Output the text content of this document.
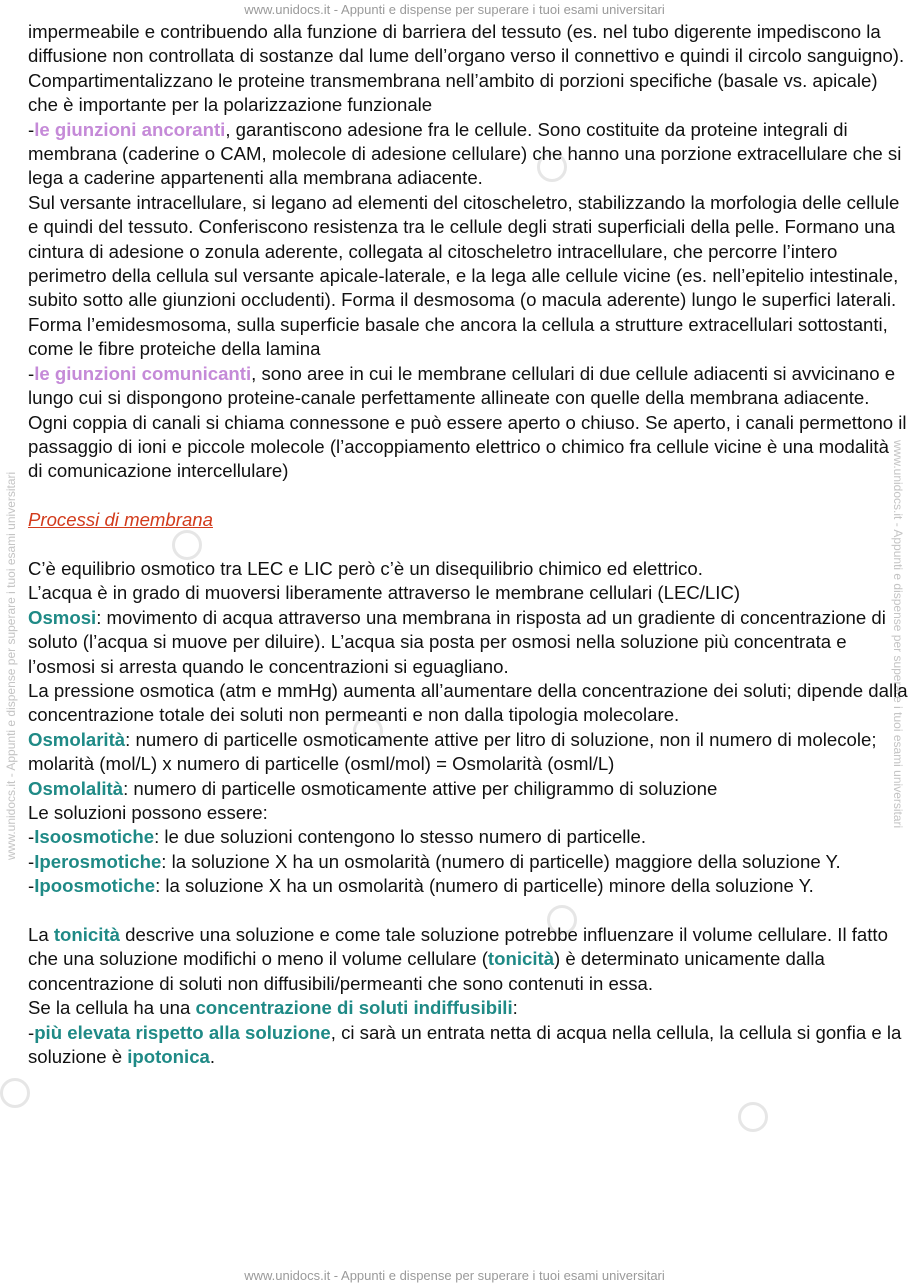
www.unidocs.it - Appunti e dispense per superare i tuoi esami universitari
www.unidocs.it - Appunti e dispense per superare i tuoi esami universitari
www.unidocs.it - Appunti e dispense per superare i tuoi esami universitari	www.unidocs.it - Appunti e dispense per superare i tuoi esami universitari

impermeabile e contribuendo alla funzione di barriera del tessuto (es. nel tubo digerente impediscono la diffusione non controllata di sostanze dal lume dell’organo verso il connettivo e quindi il circolo sanguigno). Compartimentalizzano le proteine transmembrana nell’ambito di porzioni specifiche (basale vs. apicale) che è importante per la polarizzazione funzionale

-le giunzioni ancoranti, garantiscono adesione fra le cellule. Sono costituite da proteine integrali di membrana (caderine o CAM, molecole di adesione cellulare) che hanno una porzione extracellulare che si lega a caderine appartenenti alla membrana adiacente.

Sul versante intracellulare, si legano ad elementi del citoscheletro, stabilizzando la morfologia delle cellule e quindi del tessuto. Conferiscono resistenza tra le cellule degli strati superficiali della pelle. Formano una cintura di adesione o zonula aderente, collegata al citoscheletro intracellulare, che percorre l’intero perimetro della cellula sul versante apicale-laterale, e la lega alle cellule vicine (es. nell’epitelio intestinale, subito sotto alle giunzioni occludenti). Forma il desmosoma (o macula aderente) lungo le superfici laterali.

Forma l’emidesmosoma, sulla superficie basale che ancora la cellula a strutture extracellulari sottostanti, come le fibre proteiche della lamina

-le giunzioni comunicanti, sono aree in cui le membrane cellulari di due cellule adiacenti si avvicinano e lungo cui si dispongono proteine-canale perfettamente allineate con quelle della membrana adiacente. Ogni coppia di canali si chiama connessone e può essere aperto o chiuso. Se aperto, i canali permettono il passaggio di ioni e piccole molecole (l’accoppiamento elettrico o chimico fra cellule vicine è una modalità di comunicazione intercellulare)

Processi di membrana

C’è equilibrio osmotico tra LEC e LIC però c’è un disequilibrio chimico ed elettrico.

L’acqua è in grado di muoversi liberamente attraverso le membrane cellulari (LEC/LIC)

Osmosi: movimento di acqua attraverso una membrana in risposta ad un gradiente di concentrazione di soluto (l’acqua si muove per diluire). L’acqua sia posta per osmosi nella soluzione più concentrata e l’osmosi si arresta quando le concentrazioni si eguagliano.

La pressione osmotica (atm e mmHg) aumenta all’aumentare della concentrazione dei soluti; dipende dalla concentrazione totale dei soluti non permeanti e non dalla tipologia molecolare.

Osmolarità: numero di particelle osmoticamente attive per litro di soluzione, non il numero di molecole; molarità (mol/L) x numero di particelle (osml/mol) = Osmolarità (osml/L)

Osmolalità: numero di particelle osmoticamente attive per chiligrammo di soluzione

Le soluzioni possono essere:

-Isoosmotiche: le due soluzioni contengono lo stesso numero di particelle.

-Iperosmotiche: la soluzione X ha un osmolarità (numero di particelle) maggiore della soluzione Y.

-Ipoosmotiche: la soluzione X ha un osmolarità (numero di particelle) minore della soluzione Y.

La tonicità descrive una soluzione e come tale soluzione potrebbe influenzare il volume cellulare. Il fatto che una soluzione modifichi o meno il volume cellulare (tonicità) è determinato unicamente dalla concentrazione di soluti non diffusibili/permeanti che sono contenuti in essa.

Se la cellula ha una concentrazione di soluti indiffusibili:

-più elevata rispetto alla soluzione, ci sarà un entrata netta di acqua nella cellula, la cellula si gonfia e la soluzione è ipotonica.
